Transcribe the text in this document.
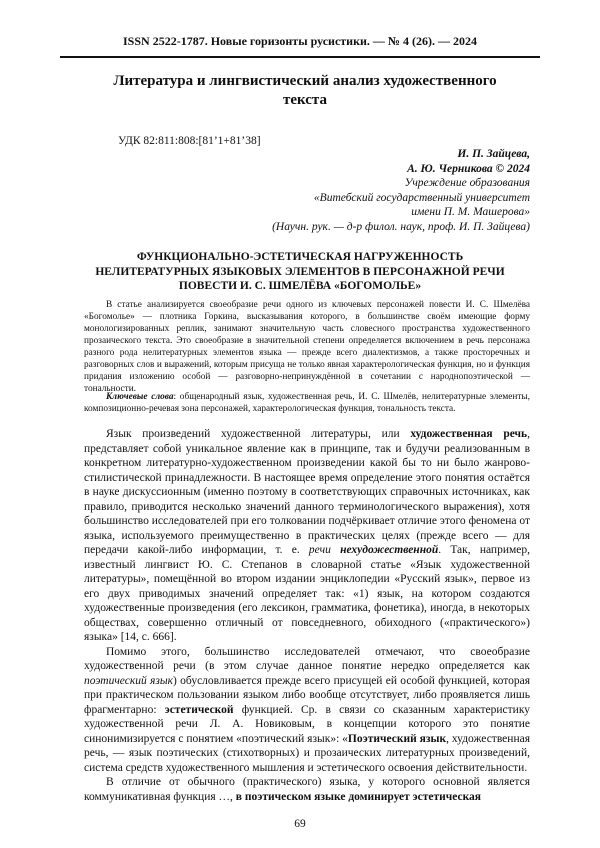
ISSN 2522-1787. Новые горизонты русистики. — № 4 (26). — 2024
Литература и лингвистический анализ художественного текста
УДК 82:811:808:[81’1+81’38]
И. П. Зайцева,
А. Ю. Черникова © 2024
Учреждение образования
«Витебский государственный университет
имени П. М. Машерова»
(Научн. рук. — д-р филол. наук, проф. И. П. Зайцева)
ФУНКЦИОНАЛЬНО-ЭСТЕТИЧЕСКАЯ НАГРУЖЕННОСТЬ
НЕЛИТЕРАТУРНЫХ ЯЗЫКОВЫХ ЭЛЕМЕНТОВ В ПЕРСОНАЖНОЙ РЕЧИ
ПОВЕСТИ И. С. ШМЕЛЁВА «БОГОМОЛЬЕ»

В статье анализируется своеобразие речи одного из ключевых персонажей повести И. С. Шмелёва «Богомолье» — плотника Горкина, высказывания которого, в большинстве своём имеющие форму монологизированных реплик, занимают значительную часть словесного пространства художественного прозаического текста. Это своеобразие в значительной степени определяется включением в речь персонажа разного рода нелитературных элементов языка — прежде всего диалектизмов, а также просторечных и разговорных слов и выражений, которым присуща не только явная характерологическая функция, но и функция придания изложению особой — разговорно-непринуждённой в сочетании с народнопоэтической — тональности.

Ключевые слова: общенародный язык, художественная речь, И. С. Шмелёв, нелитературные элементы, композиционно-речевая зона персонажей, характерологическая функция, тональность текста.

Язык произведений художественной литературы, или художественная речь, представляет собой уникальное явление как в принципе, так и будучи реализованным в конкретном литературно-художественном произведении какой бы то ни было жанрово-стилистической принадлежности. В настоящее время определение этого понятия остаётся в науке дискуссионным (именно поэтому в соответствующих справочных источниках, как правило, приводится несколько значений данного терминологического выражения), хотя большинство исследователей при его толковании подчёркивает отличие этого феномена от языка, используемого преимущественно в практических целях (прежде всего — для передачи какой-либо информации, т. е. речи нехудожественной. Так, например, известный лингвист Ю. С. Степанов в словарной статье «Язык художественной литературы», помещённой во втором издании энциклопедии «Русский язык», первое из его двух приводимых значений определяет так: «1) язык, на котором создаются художественные произведения (его лексикон, грамматика, фонетика), иногда, в некоторых обществах, совершенно отличный от повседневного, обиходного («практического») языка» [14, с. 666].

Помимо этого, большинство исследователей отмечают, что своеобразие художественной речи (в этом случае данное понятие нередко определяется как поэтический язык) обусловливается прежде всего присущей ей особой функцией, которая при практическом пользовании языком либо вообще отсутствует, либо проявляется лишь фрагментарно: эстетической функцией. Ср. в связи со сказанным характеристику художественной речи Л. А. Новиковым, в концепции которого это понятие синонимизируется с понятием «поэтический язык»: «Поэтический язык, художественная речь, — язык поэтических (стихотворных) и прозаических литературных произведений, система средств художественного мышления и эстетического освоения действительности.

В отличие от обычного (практического) языка, у которого основной является коммуникативная функция …, в поэтическом языке доминирует эстетическая

69
